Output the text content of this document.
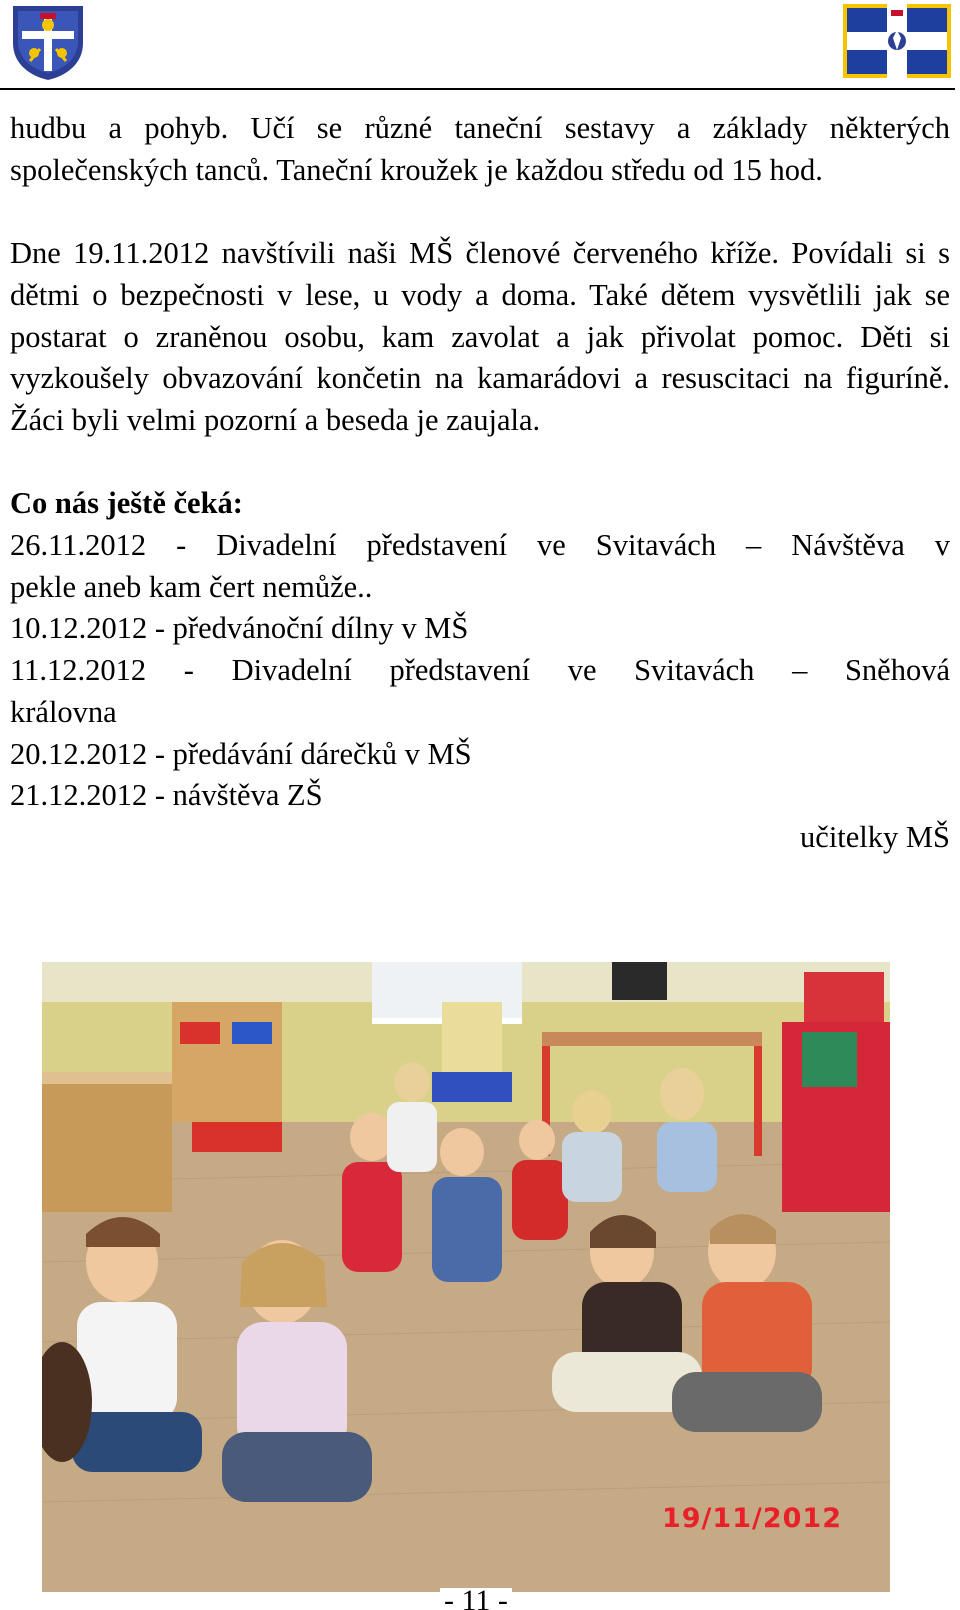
hudbu a pohyb. Učí se různé taneční sestavy a základy některých společenských tanců. Taneční kroužek je každou středu od 15 hod.

Dne 19.11.2012 navštívili naši MŠ členové červeného kříže. Povídali si s dětmi o bezpečnosti v lese, u vody a doma. Také dětem vysvětlili jak se postarat o zraněnou osobu, kam zavolat a jak přivolat pomoc. Děti si vyzkoušely obvazování končetin na kamarádovi a resuscitaci na figuríně. Žáci byli velmi pozorní a beseda je zaujala.

Co nás ještě čeká:

26.11.2012 - Divadelní představení ve Svitavách – Návštěva v

pekle aneb kam čert nemůže..

10.12.2012 - předvánoční dílny v MŠ

11.12.2012 - Divadelní představení ve Svitavách – Sněhová

královna

20.12.2012 - předávání dárečků v MŠ

21.12.2012 - návštěva ZŠ

učitelky MŠ

19/11/2012
- 11 -
